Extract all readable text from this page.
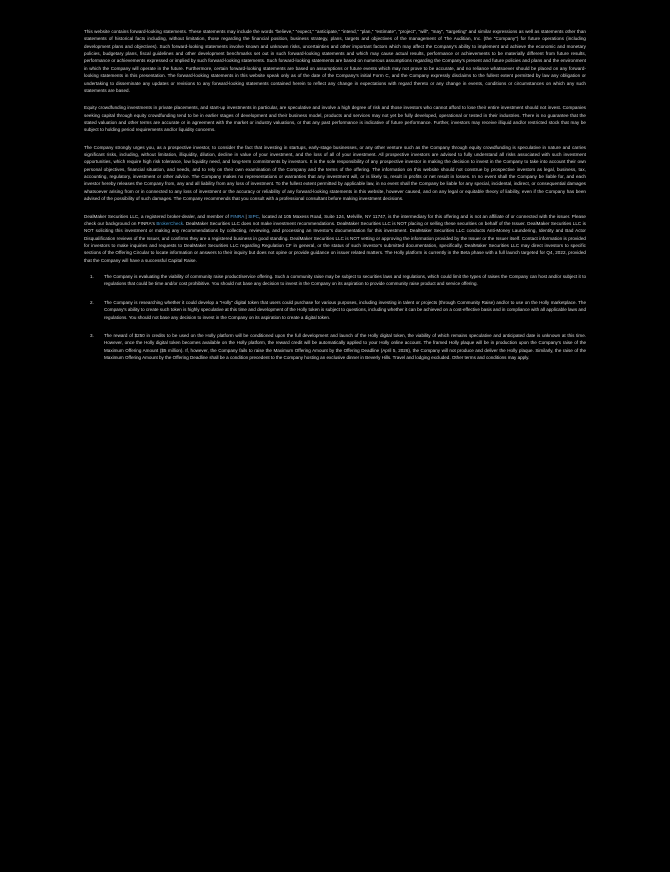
This website contains forward-looking statements. These statements may include the words "believe," "expect," "anticipate," "intend," "plan," "estimate", "project", "will", "may", "targeting" and similar expressions as well as statements other than statements of historical facts including, without limitation, those regarding the financial position, business strategy, plans, targets and objectives of the management of The Auditian, Inc. (the "Company") for future operations (including development plans and objectives). Such forward-looking statements involve known and unknown risks, uncertainties and other important factors which may affect the Company's ability to implement and achieve the economic and monetary policies, budgetary plans, fiscal guidelines and other development benchmarks set out in such forward-looking statements and which may cause actual results, performance or achievements to be materially different from future results, performance or achievements expressed or implied by such forward-looking statements. Such forward-looking statements are based on numerous assumptions regarding the Company's present and future policies and plans and the environment in which the Company will operate in the future. Furthermore, certain forward-looking statements are based on assumptions or future events which may not prove to be accurate, and no reliance whatsoever should be placed on any forward-looking statements in this presentation. The forward-looking statements in this website speak only as of the date of the Company's initial Form C, and the Company expressly disclaims to the fullest extent permitted by law any obligation or undertaking to disseminate any updates or revisions to any forward-looking statements contained herein to reflect any change in expectations with regard thereto or any change in events, conditions or circumstances on which any such statements are based.

Equity crowdfunding investments in private placements, and start-up investments in particular, are speculative and involve a high degree of risk and those investors who cannot afford to lose their entire investment should not invest. Companies seeking capital through equity crowdfunding tend to be in earlier stages of development and their business model, products and services may not yet be fully developed, operational or tested in their industries. There is no guarantee that the stated valuation and other terms are accurate or in agreement with the market or industry valuations, or that any past performance is indicative of future performance. Further, investors may receive illiquid and/or restricted stock that may be subject to holding period requirements and/or liquidity concerns.

The Company strongly urges you, as a prospective investor, to consider the fact that investing in startups, early-stage businesses, or any other venture such as the Company through equity crowdfunding is speculative in nature and carries significant risks, including, without limitation, illiquidity, dilution, decline in value of your investment, and the loss of all of your investment. All prospective investors are advised to fully understand all risks associated with such investment opportunities, which require high risk tolerance, low liquidity need, and long-term commitments by investors. It is the sole responsibility of any prospective investor in making the decision to invest in the Company to take into account their own personal objectives, financial situation, and needs, and to rely on their own examination of the Company and the terms of the offering. The information on this website should not construe by prospective investors as legal, business, tax, accounting, regulatory, investment or other advice. The Company makes no representations or warranties that any investment will, or is likely to, result in profits or net result in losses. In no event shall the Company be liable for, and each investor hereby releases the Company from, any and all liability from any loss of investment. To the fullest extent permitted by applicable law, in no event shall the Company be liable for any special, incidental, indirect, or consequential damages whatsoever arising from or in connected to any loss of investment or the accuracy or reliability of any forward-looking statements in this website, however caused, and on any legal or equitable theory of liability, even if the Company has been advised of the possibility of such damages. The Company recommends that you consult with a professional consultant before making investment decisions.

DealMaker Securities LLC, a registered broker-dealer, and member of FINRA | SIPC, located at 105 Maxess Road, Suite 124, Melville, NY 11747, is the intermediary for this offering and is not an affiliate of or connected with the issuer. Please check our background on FINRA's BrokerCheck. DealMaker Securities LLC does not make investment recommendations. DealMaker Securities LLC is NOT placing or selling these securities on behalf of the Issuer. DealMaker Securities LLC is NOT soliciting this investment or making any recommendations by collecting, reviewing, and processing an Investor's documentation for this investment. DealMaker Securities LLC conducts Anti-Money Laundering, Identity and Bad Actor Disqualification reviews of the Issuer, and confirms they are a registered business in good standing. DealMaker Securities LLC is NOT vetting or approving the information provided by the Issuer or the Issuer itself. Contact information is provided for investors to make inquiries and requests to DealMaker Securities LLC regarding Regulation CF in general, or the status of such investor's submitted documentation, specifically, DealMaker Securities LLC may direct investors to specific sections of the Offering Circular to locate information or answers to their inquiry but does not opine or provide guidance on issuer related matters. The Holly platform is currently in the Beta phase with a full launch targeted for Q4, 2022, provided that the Company will have a successful Capital Raise.

The Company is evaluating the viability of community raise product/service offering. Such a community raise may be subject to securities laws and regulations, which could limit the types of raises the Company can host and/or subject it to regulations that could be time and/or cost prohibitive. You should not base any decision to invest in the Company on its aspiration to provide community raise product and service offering.
The Company is researching whether it could develop a "Holly" digital token that users could purchase for various purposes, including investing in talent or projects (through Community Raise) and/or to use on the Holly marketplace. The Company's ability to create such token is highly speculative at this time and development of the Holly token is subject to questions, including whether it can be achieved on a cost-effective basis and in compliance with all applicable laws and regulations. You should not base any decision to invest in the Company on its aspiration to create a digital token.
The reward of $250 in credits to be used on the Holly platform will be conditioned upon the full development and launch of the Holly digital token, the viability of which remains speculative and anticipated date is unknown at this time. However, once the Holly digital token becomes available on the Holly platform, the reward credit will be automatically applied to your Holly online account. The framed Holly plaque will be in production upon the Company's raise of the Maximum Offering Amount ($5 million). If, however, the Company fails to raise the Maximum Offering Amount by the Offering Deadline (April 5, 2026), the Company will not produce and deliver the Holly plaque. Similarly, the raise of the Maximum Offering Amount by the Offering Deadline shall be a condition precedent to the Company hosting an exclusive dinner in Beverly Hills. Travel and lodging excluded. Other terms and conditions may apply.
